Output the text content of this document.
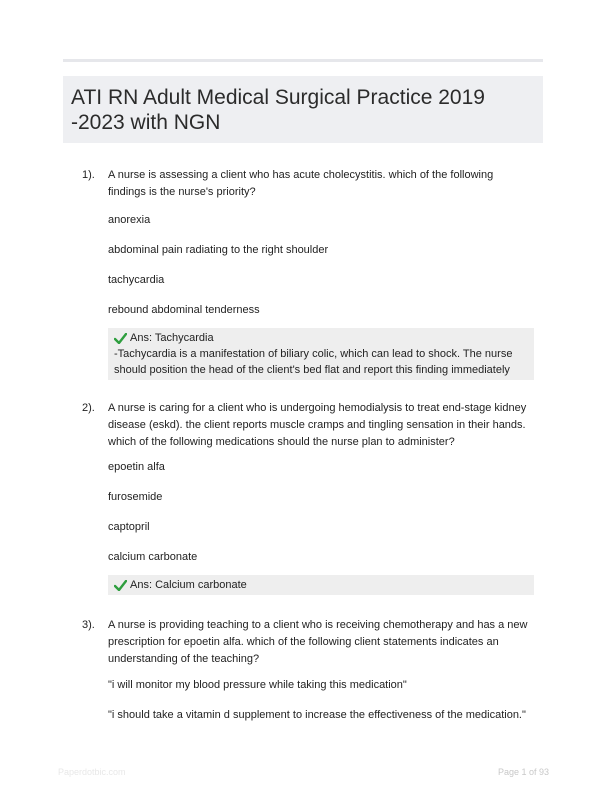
ATI RN Adult Medical Surgical Practice 2019 -2023 with NGN
1). A nurse is assessing a client who has acute cholecystitis. which of the following findings is the nurse's priority?
anorexia
abdominal pain radiating to the right shoulder
tachycardia
rebound abdominal tenderness
Ans: Tachycardia
-Tachycardia is a manifestation of biliary colic, which can lead to shock. The nurse should position the head of the client's bed flat and report this finding immediately
2). A nurse is caring for a client who is undergoing hemodialysis to treat end-stage kidney disease (eskd). the client reports muscle cramps and tingling sensation in their hands. which of the following medications should the nurse plan to administer?
epoetin alfa
furosemide
captopril
calcium carbonate
Ans: Calcium carbonate
3). A nurse is providing teaching to a client who is receiving chemotherapy and has a new prescription for epoetin alfa. which of the following client statements indicates an understanding of the teaching?
"i will monitor my blood pressure while taking this medication"
"i should take a vitamin d supplement to increase the effectiveness of the medication."
Paperdotbic.com	Page 1 of 93
